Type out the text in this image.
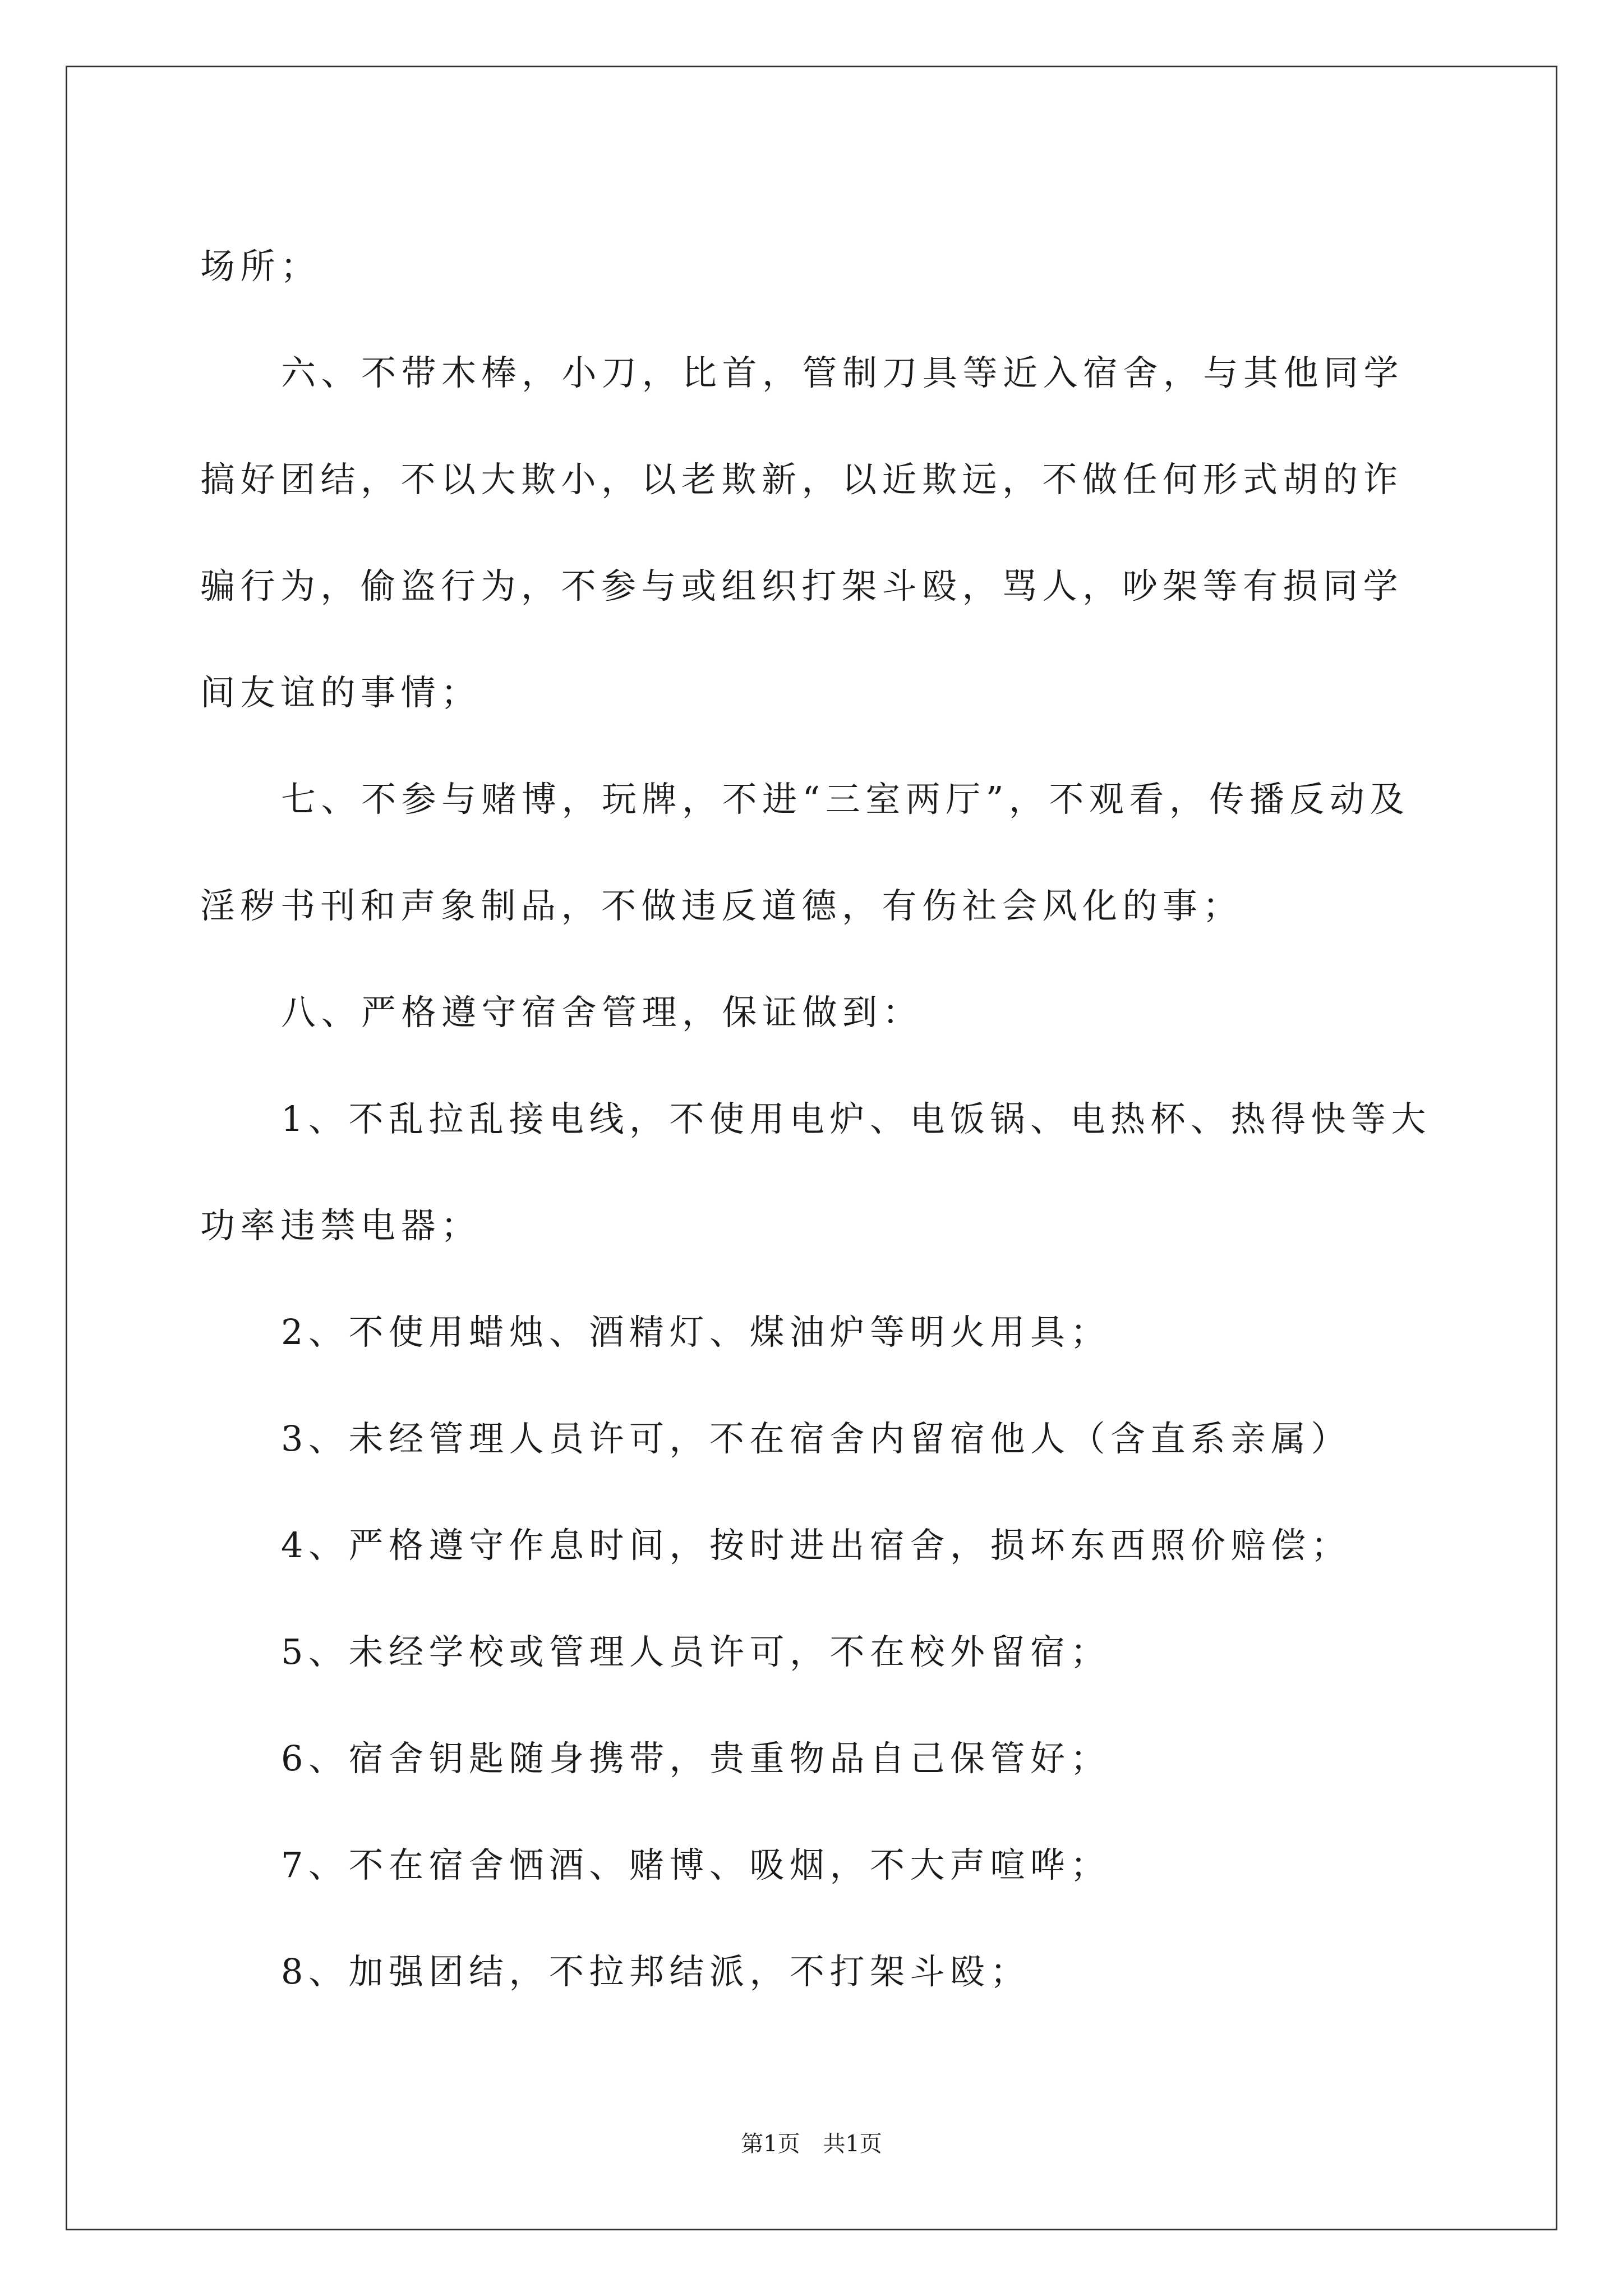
场所；

六、不带木棒，小刀，比首，管制刀具等近入宿舍，与其他同学

搞好团结，不以大欺小，以老欺新，以近欺远，不做任何形式胡的诈

骗行为，偷盗行为，不参与或组织打架斗殴，骂人，吵架等有损同学

间友谊的事情；

七、不参与赌博，玩牌，不进“三室两厅”，不观看，传播反动及

淫秽书刊和声象制品，不做违反道德，有伤社会风化的事；

八、严格遵守宿舍管理，保证做到：

1、不乱拉乱接电线，不使用电炉、电饭锅、电热杯、热得快等大

功率违禁电器；

2、不使用蜡烛、酒精灯、煤油炉等明火用具；

3、未经管理人员许可，不在宿舍内留宿他人（含直系亲属）

4、严格遵守作息时间，按时进出宿舍，损坏东西照价赔偿；

5、未经学校或管理人员许可，不在校外留宿；

6、宿舍钥匙随身携带，贵重物品自己保管好；

7、不在宿舍恓酒、赌博、吸烟，不大声喧哗；

8、加强团结，不拉邦结派，不打架斗殴；

第1页 共1页
